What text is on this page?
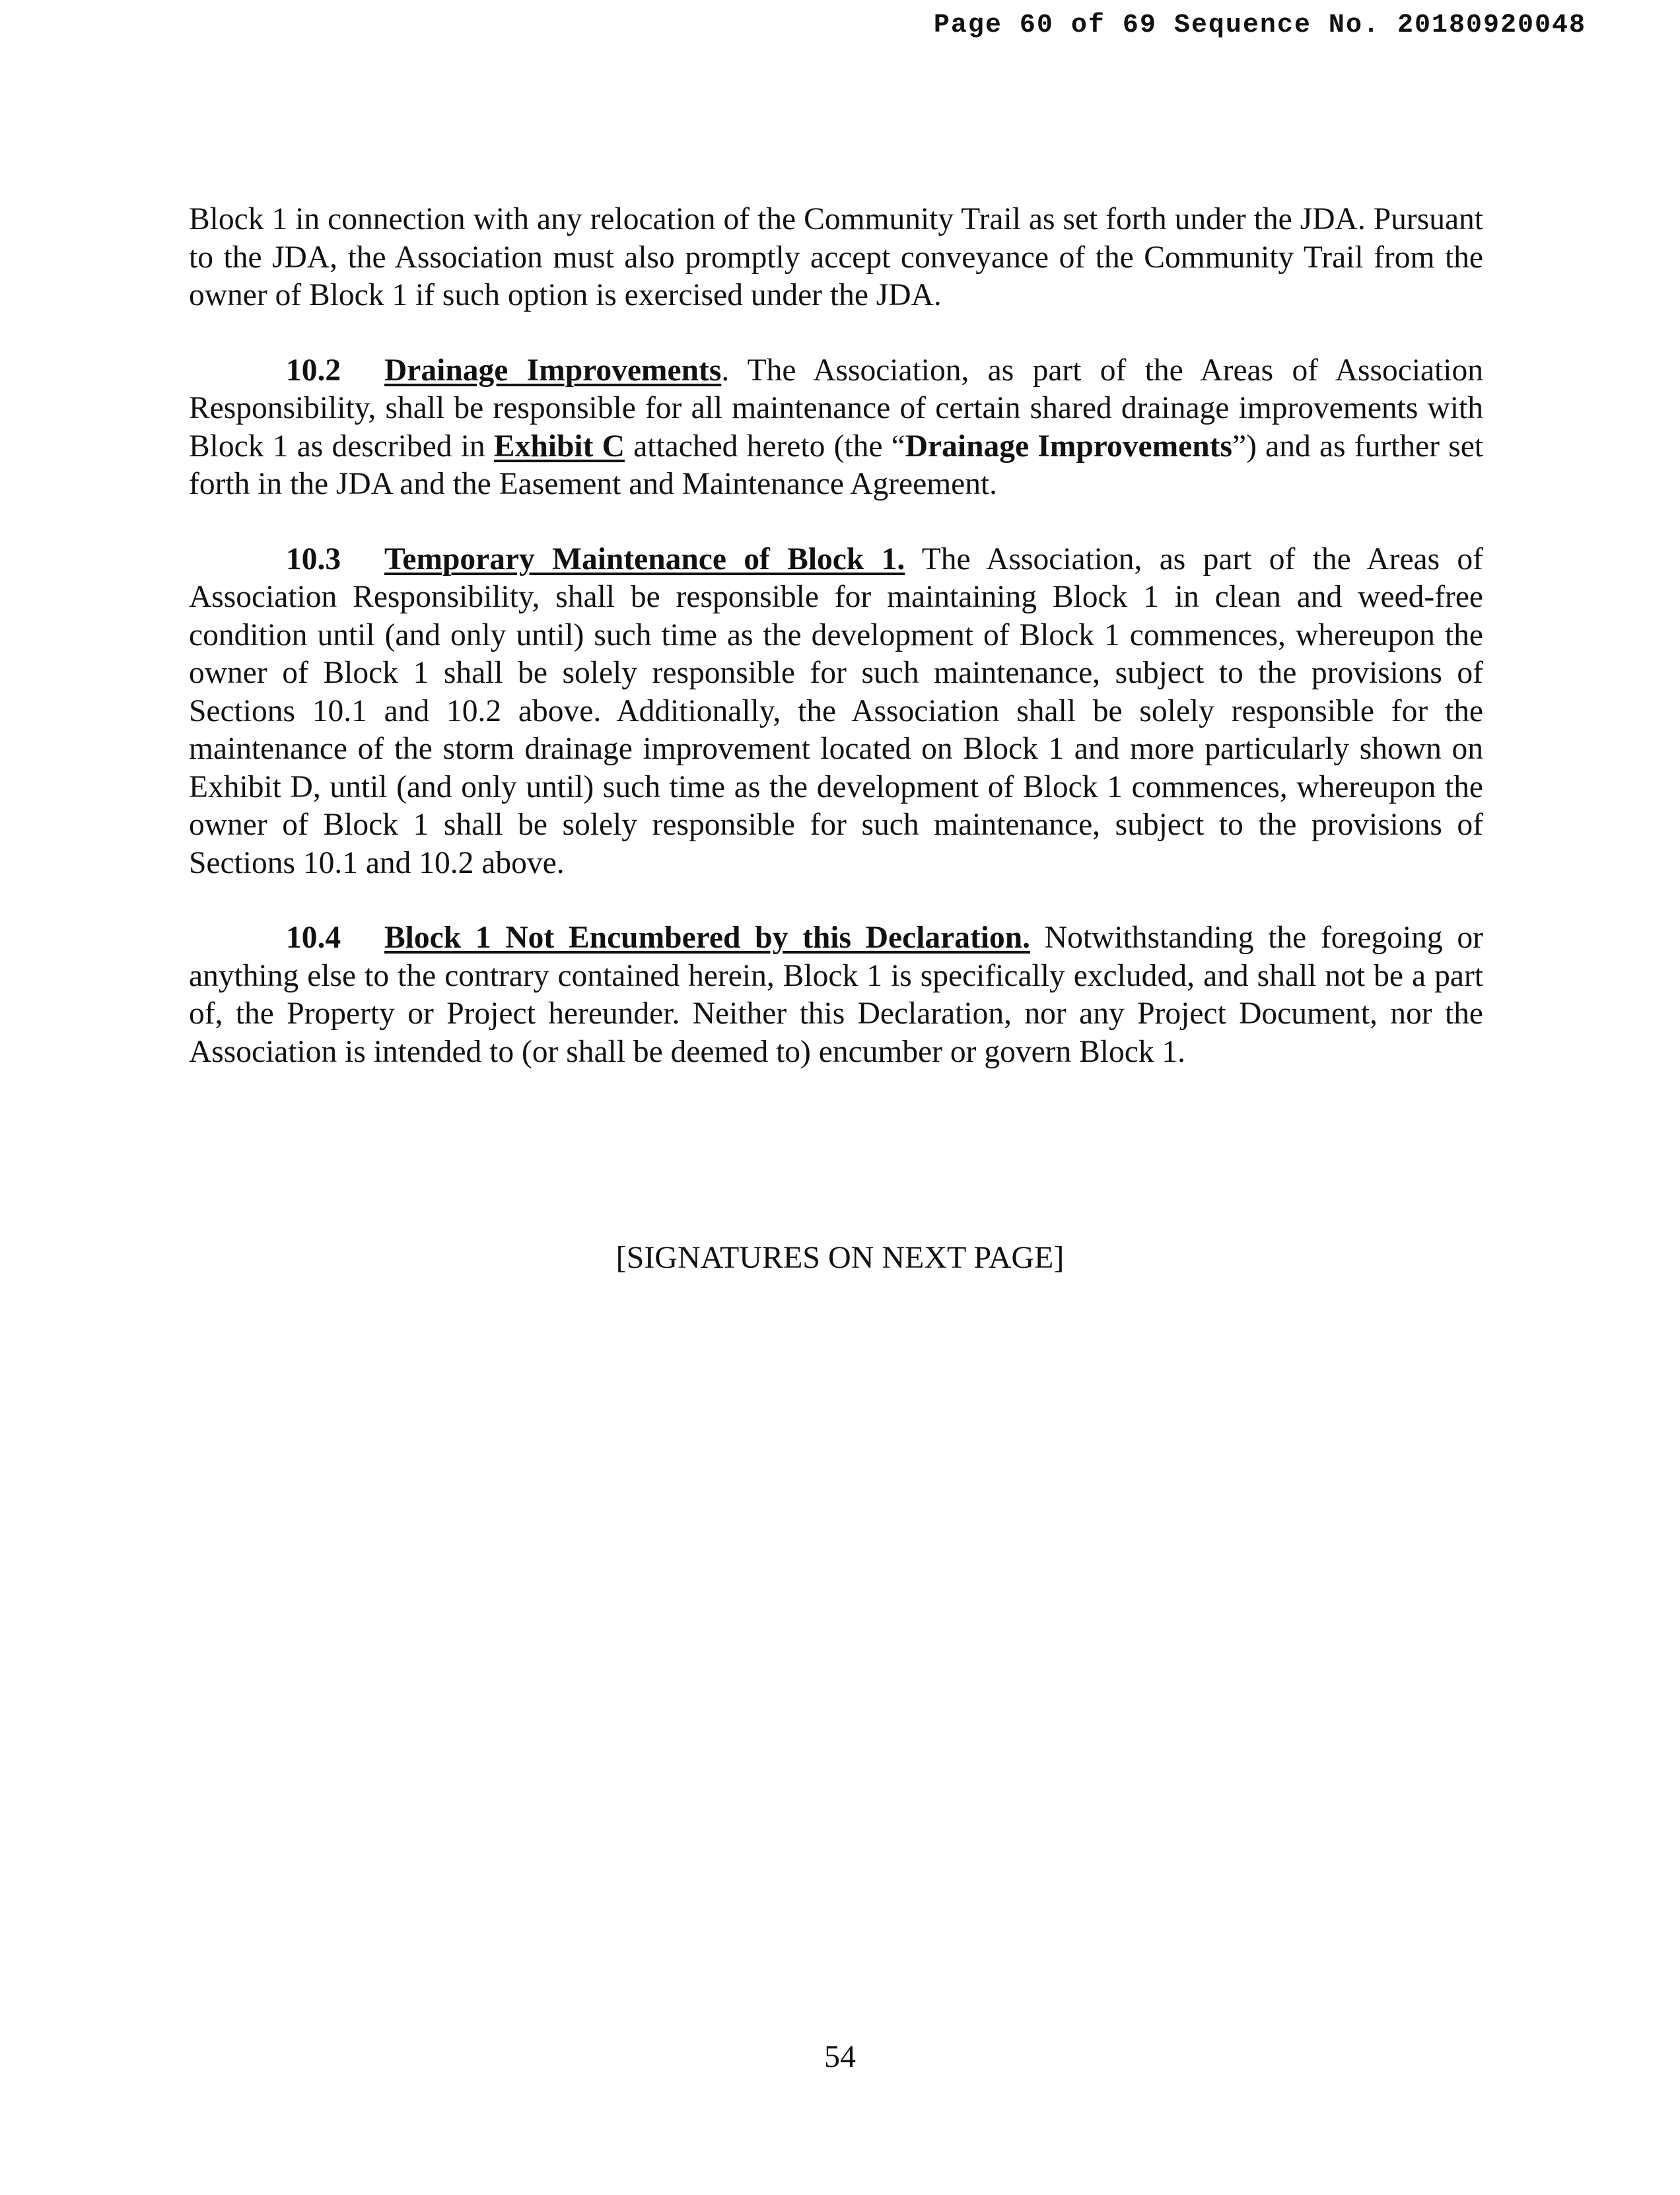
Page 60 of 69 Sequence No. 20180920048

Block 1 in connection with any relocation of the Community Trail as set forth under the JDA. Pursuant to the JDA, the Association must also promptly accept conveyance of the Community Trail from the owner of Block 1 if such option is exercised under the JDA.

10.2 Drainage Improvements. The Association, as part of the Areas of Association Responsibility, shall be responsible for all maintenance of certain shared drainage improvements with Block 1 as described in Exhibit C attached hereto (the “Drainage Improvements”) and as further set forth in the JDA and the Easement and Maintenance Agreement.

10.3 Temporary Maintenance of Block 1. The Association, as part of the Areas of Association Responsibility, shall be responsible for maintaining Block 1 in clean and weed-free condition until (and only until) such time as the development of Block 1 commences, whereupon the owner of Block 1 shall be solely responsible for such maintenance, subject to the provisions of Sections 10.1 and 10.2 above. Additionally, the Association shall be solely responsible for the maintenance of the storm drainage improvement located on Block 1 and more particularly shown on Exhibit D, until (and only until) such time as the development of Block 1 commences, whereupon the owner of Block 1 shall be solely responsible for such maintenance, subject to the provisions of Sections 10.1 and 10.2 above.

10.4 Block 1 Not Encumbered by this Declaration. Notwithstanding the foregoing or anything else to the contrary contained herein, Block 1 is specifically excluded, and shall not be a part of, the Property or Project hereunder. Neither this Declaration, nor any Project Document, nor the Association is intended to (or shall be deemed to) encumber or govern Block 1.

[SIGNATURES ON NEXT PAGE]
54
